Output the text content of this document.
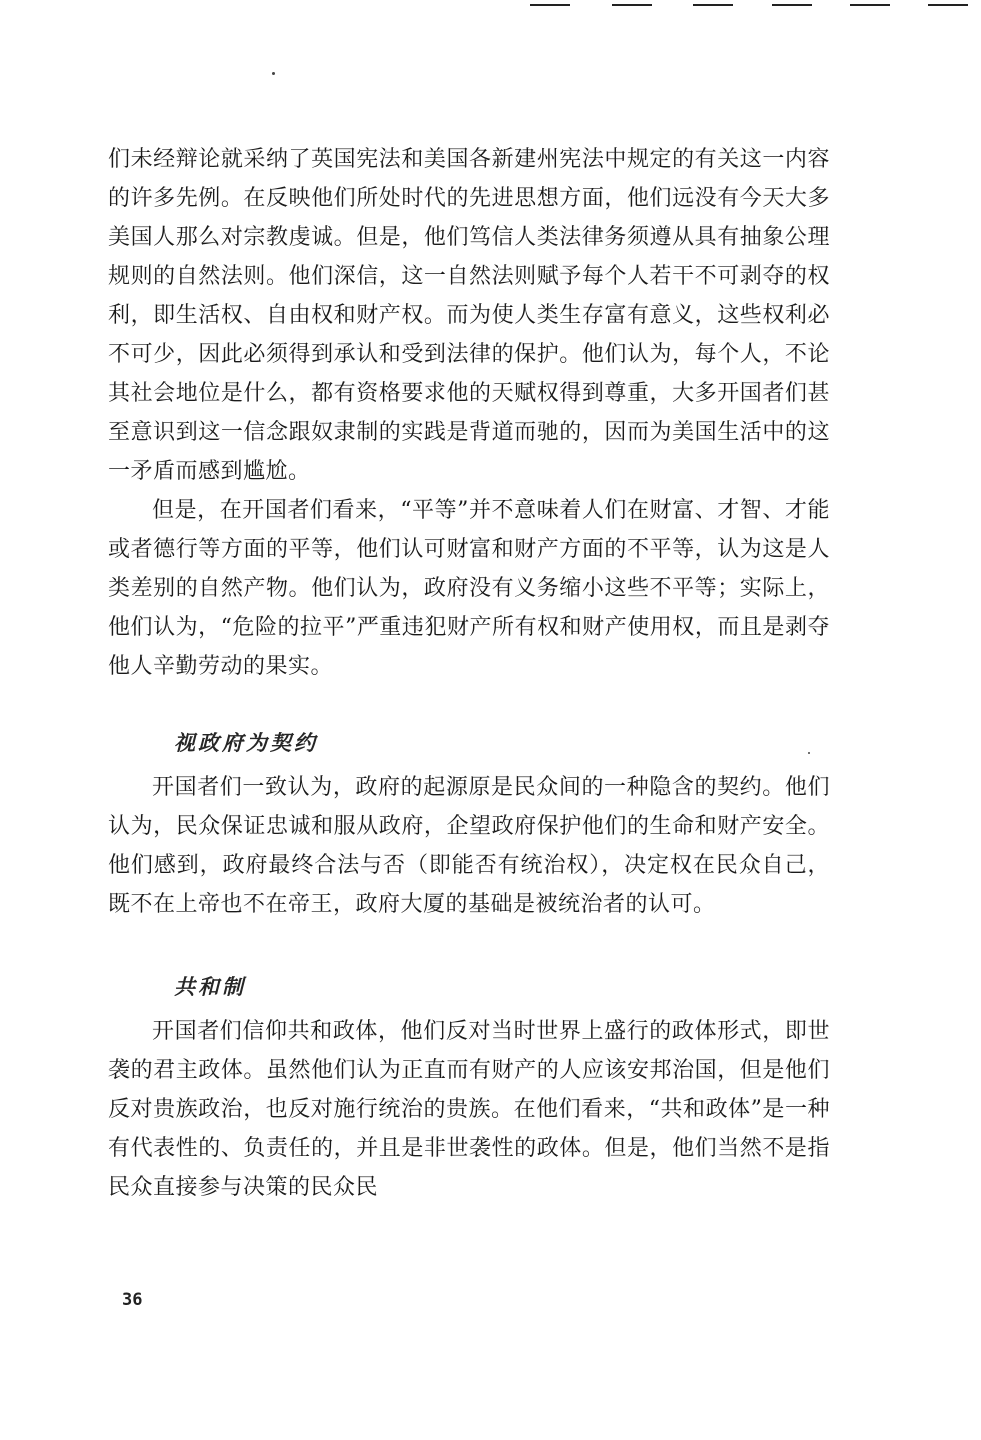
们未经辩论就采纳了英国宪法和美国各新建州宪法中规定的有关这一内容的许多先例。在反映他们所处时代的先进思想方面，他们远没有今天大多美国人那么对宗教虔诚。但是，他们笃信人类法律务须遵从具有抽象公理规则的自然法则。他们深信，这一自然法则赋予每个人若干不可剥夺的权利，即生活权、自由权和财产权。而为使人类生存富有意义，这些权利必不可少，因此必须得到承认和受到法律的保护。他们认为，每个人，不论其社会地位是什么，都有资格要求他的天赋权得到尊重，大多开国者们甚至意识到这一信念跟奴隶制的实践是背道而驰的，因而为美国生活中的这一矛盾而感到尴尬。

但是，在开国者们看来，“平等”并不意味着人们在财富、才智、才能或者德行等方面的平等，他们认可财富和财产方面的不平等，认为这是人类差别的自然产物。他们认为，政府没有义务缩小这些不平等；实际上，他们认为，“危险的拉平”严重违犯财产所有权和财产使用权，而且是剥夺他人辛勤劳动的果实。

视政府为契约

开国者们一致认为，政府的起源原是民众间的一种隐含的契约。他们认为，民众保证忠诚和服从政府，企望政府保护他们的生命和财产安全。他们感到，政府最终合法与否（即能否有统治权），决定权在民众自己，既不在上帝也不在帝王，政府大厦的基础是被统治者的认可。

共和制

开国者们信仰共和政体，他们反对当时世界上盛行的政体形式，即世袭的君主政体。虽然他们认为正直而有财产的人应该安邦治国，但是他们反对贵族政治，也反对施行统治的贵族。在他们看来，“共和政体”是一种有代表性的、负责任的，并且是非世袭性的政体。但是，他们当然不是指民众直接参与决策的民众民

36
